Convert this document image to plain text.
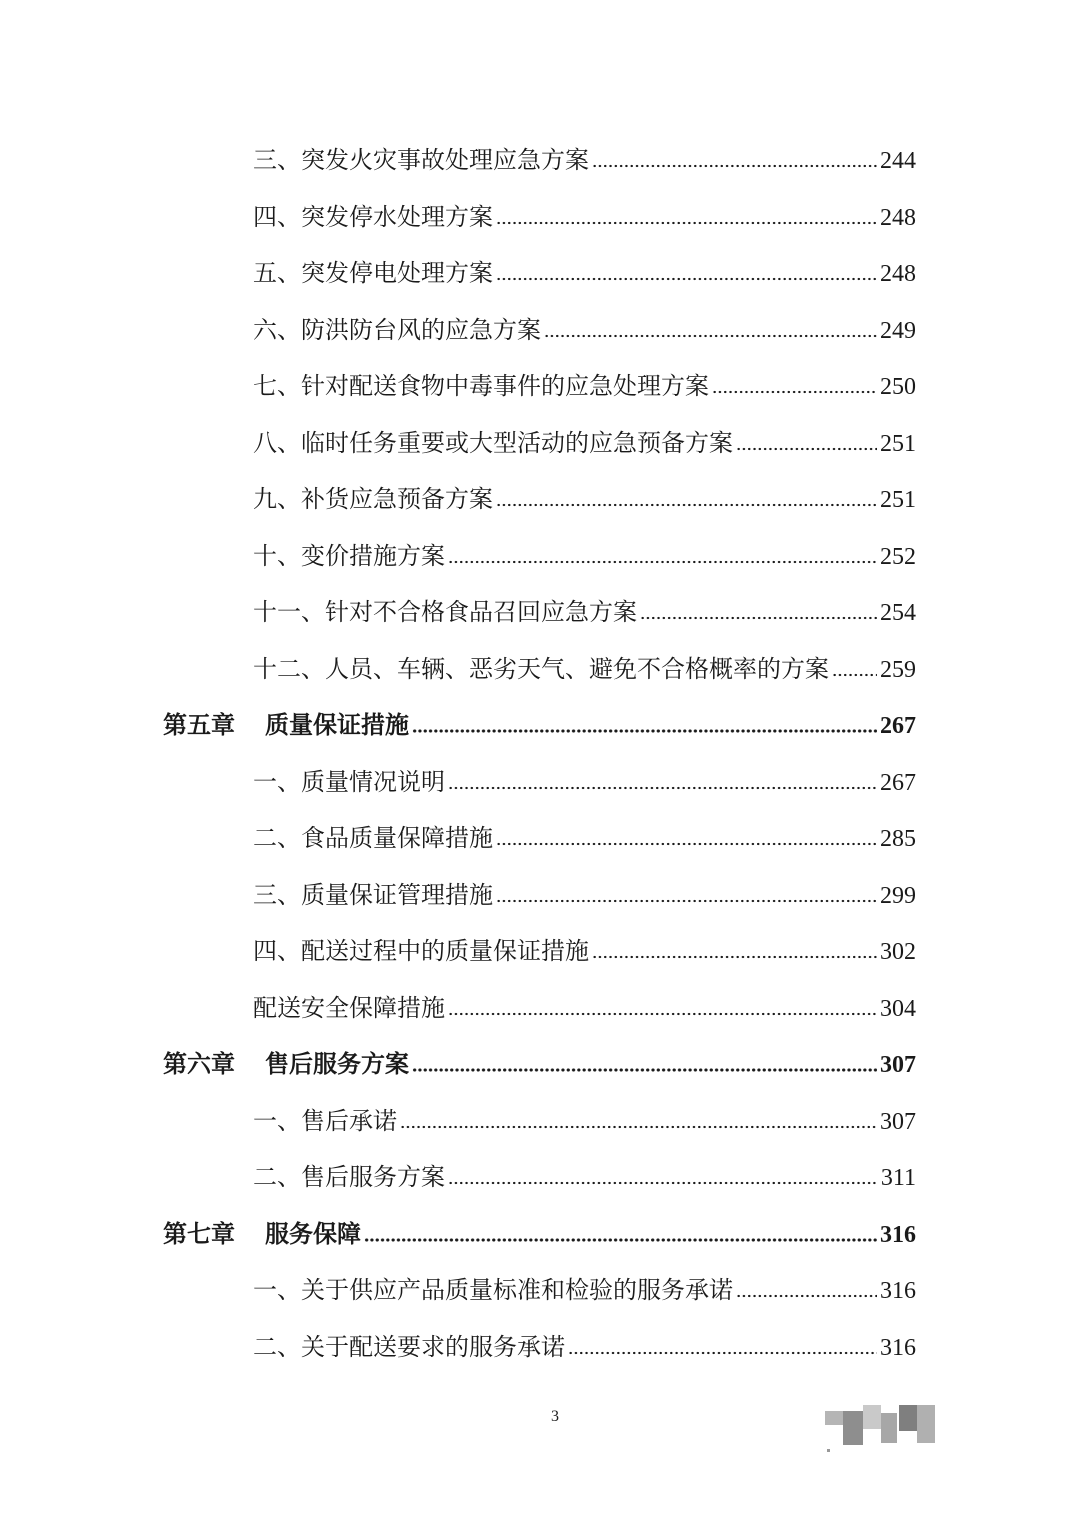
三、突发火灾事故处理应急方案	244
四、突发停水处理方案	248
五、突发停电处理方案	248
六、防洪防台风的应急方案	249
七、针对配送食物中毒事件的应急处理方案	250
八、临时任务重要或大型活动的应急预备方案	251
九、补货应急预备方案	251
十、变价措施方案	252
十一、针对不合格食品召回应急方案	254
十二、人员、车辆、恶劣天气、避免不合格概率的方案 259
第五章 质量保证措施	267
一、质量情况说明	267
二、食品质量保障措施	285
三、质量保证管理措施	299
四、配送过程中的质量保证措施	302
配送安全保障措施	304
第六章 售后服务方案	307
一、售后承诺	307
二、售后服务方案	311
第七章 服务保障	316
一、关于供应产品质量标准和检验的服务承诺	316
二、关于配送要求的服务承诺	316
3
